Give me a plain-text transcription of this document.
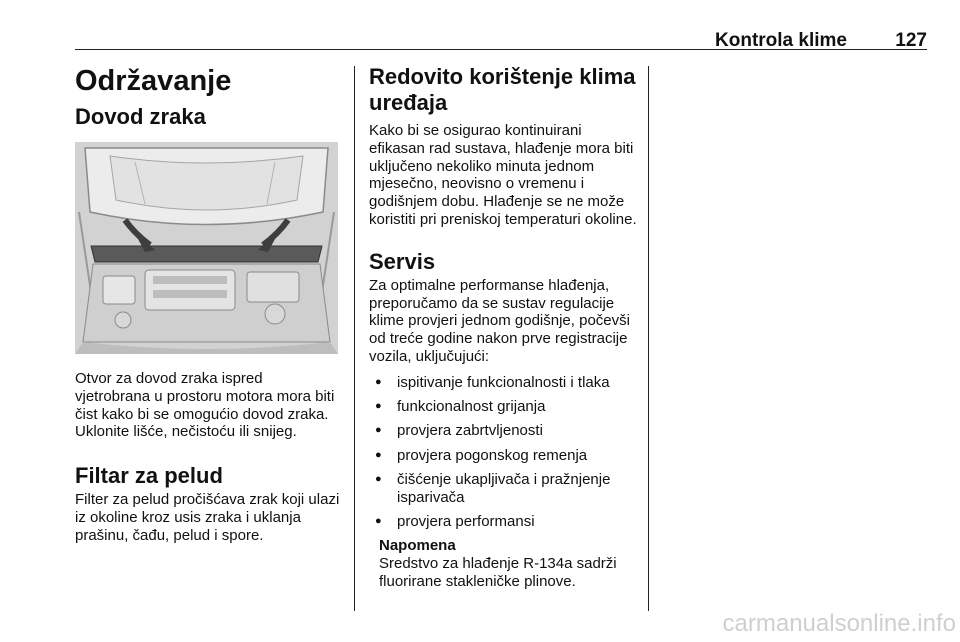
Kontrola klime	127
Održavanje
Dovod zraka

Otvor za dovod zraka ispred vjetrobrana u prostoru motora mora biti čist kako bi se omogućio dovod zraka. Uklonite lišće, nečistoću ili snijeg.

Filtar za pelud

Filter za pelud pročišćava zrak koji ulazi iz okoline kroz usis zraka i uklanja prašinu, čađu, pelud i spore.

Redovito korištenje klima uređaja

Kako bi se osigurao kontinuirani efikasan rad sustava, hlađenje mora biti uključeno nekoliko minuta jednom mjesečno, neovisno o vremenu i godišnjem dobu. Hlađenje se ne može koristiti pri preniskoj temperaturi okoline.

Servis

Za optimalne performanse hlađenja, preporučamo da se sustav regulacije klime provjeri jednom godišnje, počevši od treće godine nakon prve registracije vozila, uključujući:

● ispitivanje funkcionalnosti i tlaka
● funkcionalnost grijanja
● provjera zabrtvljenosti
● provjera pogonskog remenja
● čišćenje ukapljivača i pražnjenje isparivača
● provjera performansi
Napomena
Sredstvo za hlađenje R-134a sadrži fluorirane stakleničke plinove.
carmanualsonline.info
